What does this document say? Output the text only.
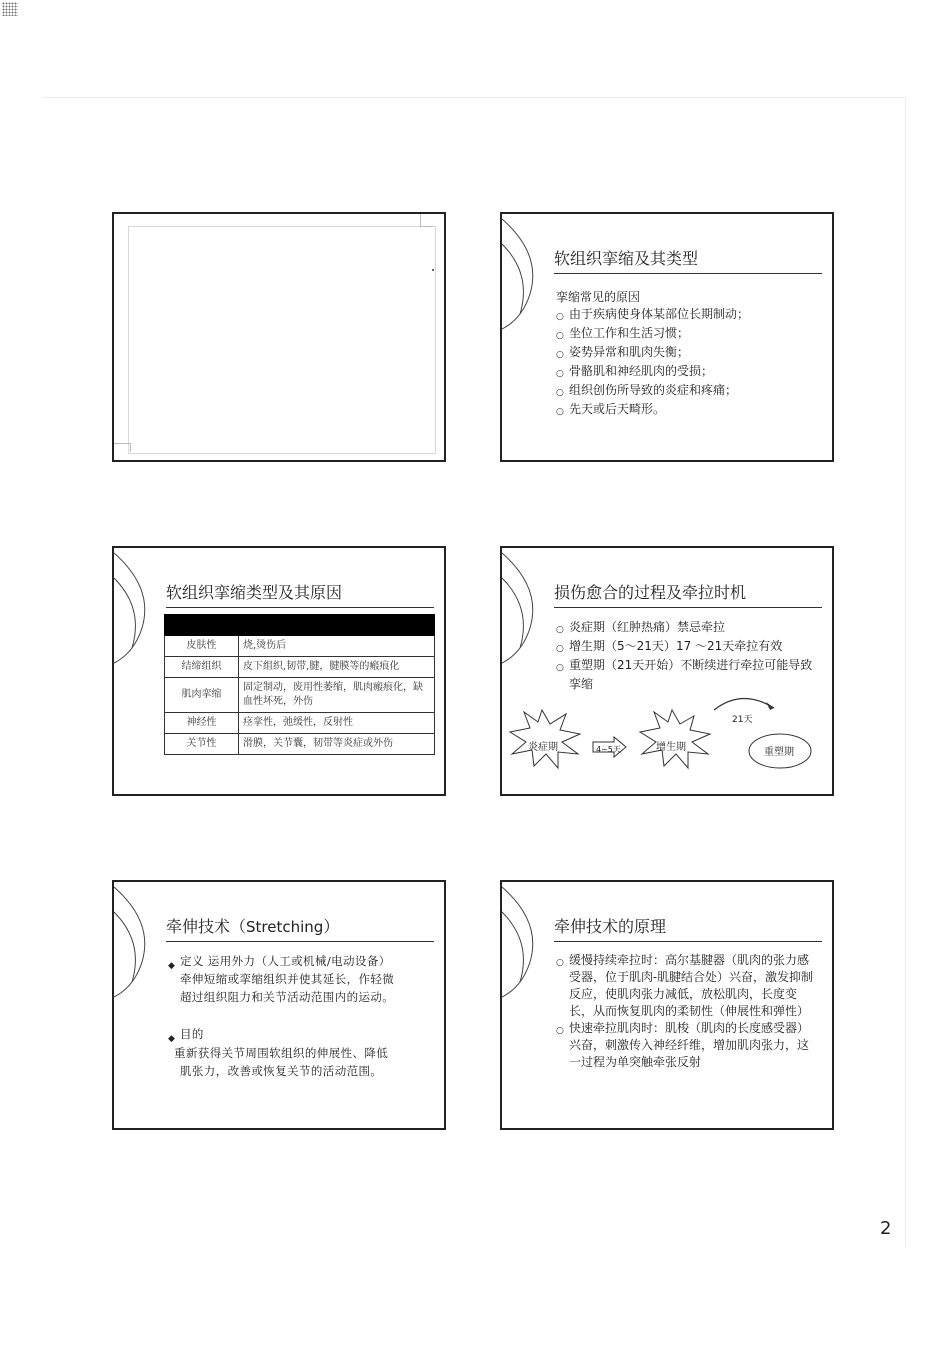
软组织挛缩及其类型
挛缩常见的原因
○ 由于疾病使身体某部位长期制动；
○ 坐位工作和生活习惯；
○ 姿势异常和肌肉失衡；
○ 骨骼肌和神经肌肉的受损；
○ 组织创伤所导致的炎症和疼痛；
○ 先天或后天畸形。
软组织挛缩类型及其原因

皮肤性	烧,烫伤后
结缔组织	皮下组织,韧带,腱，腱膜等的瘢痕化
肌肉挛缩	固定制动，废用性萎缩，肌肉瘢痕化，缺血性坏死，外伤
神经性	痉挛性，弛缓性，反射性
关节性	滑膜，关节囊，韧带等炎症或外伤
损伤愈合的过程及牵拉时机
○ 炎症期（红肿热痛）禁忌牵拉
○ 增生期（5～21天）17 ～21天牵拉有效
○ 重塑期（21天开始）不断续进行牵拉可能导致挛缩
炎症期	增生期	重塑期
4~5天
21天
牵伸技术（Stretching）
◆ 定义 运用外力（人工或机械/电动设备）
牵伸短缩或挛缩组织并使其延长，作轻微
超过组织阻力和关节活动范围内的运动。
◆ 目的
重新获得关节周围软组织的伸展性、降低
肌张力，改善或恢复关节的活动范围。
牵伸技术的原理
○ 缓慢持续牵拉时：高尔基腱器（肌肉的张力感受器，位于肌肉-肌腱结合处）兴奋，激发抑制反应，使肌肉张力减低，放松肌肉，长度变长，从而恢复肌肉的柔韧性（伸展性和弹性）
○ 快速牵拉肌肉时：肌梭（肌肉的长度感受器）兴奋，刺激传入神经纤维，增加肌肉张力，这一过程为单突触牵张反射
2
